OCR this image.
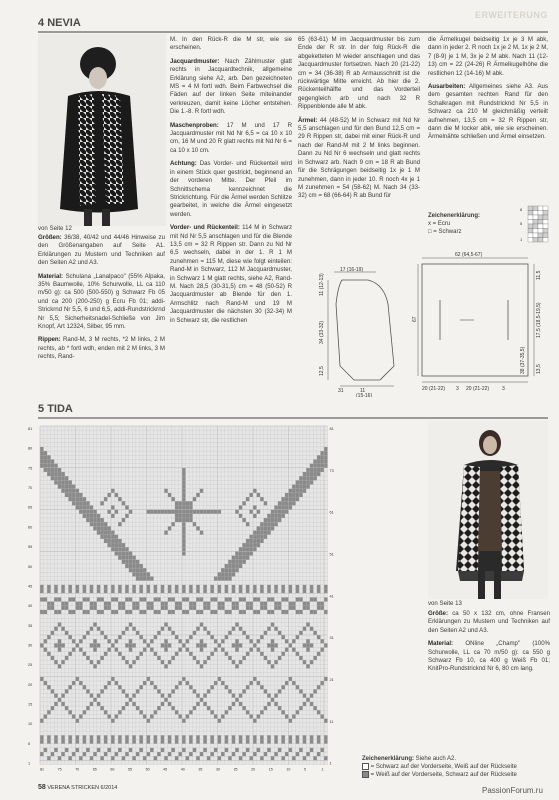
4 NEVIA
ERWEITERUNG
von Seite 12

Größen: 36/38, 40/42 und 44/46 Hinweise zu den Größenangaben auf Seite A1. Erklärungen zu Mustern und Techniken auf den Seiten A2 und A3.

Material: Schulana „Lanalpaco" (55% Alpaka, 35% Baumwolle, 10% Schurwolle, LL ca 110 m/50 g): ca 500 (500-550) g Schwarz Fb 05 und ca 200 (200-250) g Ecru Fb 01; addi-Strickrnd Nr 5,5, 6 und 6,5, addi-Rundstrickrnd Nr 5,5; Sicherheitsnadel-Schließe von Jim Knopf, Art 12324, Silber, 95 mm.

Rippen: Rand-M, 3 M rechts, *2 M links, 2 M rechts, ab * fortl wdh, enden mit 2 M links, 3 M rechts, Rand-

M. In den Rück-R die M str, wie sie erscheinen.

Jacquardmuster: Nach Zählmuster glatt rechts in Jacquardtechnik, allgemeine Erklärung siehe A2, arb. Den gezeichneten MS = 4 M fortl wdh. Beim Farbwechsel die Fäden auf der linken Seite miteinander verkreuzen, damit keine Löcher entstehen. Die 1.-8. R fortl wdh.

Maschenproben: 17 M und 17 R Jacquardmuster mit Nd Nr 6,5 = ca 10 x 10 cm, 16 M und 20 R glatt rechts mit Nd Nr 6 = ca 10 x 10 cm.

Achtung: Das Vorder- und Rückenteil wird in einem Stück quer gestrickt, beginnend an der vorderen Mitte. Der Pfeil im Schnittschema kennzeichnet die Strickrichtung. Für die Ärmel werden Schlitze gearbeitet, in welche die Ärmel eingesetzt werden.

Vorder- und Rückenteil: 114 M in Schwarz mit Nd Nr 5,5 anschlagen und für die Blende 13,5 cm = 32 R Rippen str. Dann zu Nd Nr 6,5 wechseln, dabei in der 1. R 1 M zunehmen = 115 M, diese wie folgt einteilen: Rand-M in Schwarz, 112 M Jacquardmuster, in Schwarz 1 M glatt rechts, siehe A2, Rand-M. Nach 28,5 (30-31,5) cm = 48 (50-52) R Jacquardmuster ab Blende für den 1. Armschlitz nach Rand-M und 19 M Jacquardmuster die nächsten 30 (32-34) M in Schwarz str, die restlichen

65 (63-61) M im Jacquardmuster bis zum Ende der R str. In der folg Rück-R die abgeketteten M wieder anschlagen und das Jacquardmuster fortsetzen. Nach 20 (21-22) cm = 34 (36-38) R ab Armausschnitt ist die rückwärtige Mitte erreicht. Ab hier die 2. Rückenteilhälfte und das Vorderteil gegengleich arb und nach 32 R Rippenblende alle M abk.

Ärmel: 44 (48-52) M in Schwarz mit Nd Nr 5,5 anschlagen und für den Bund 12,5 cm = 29 R Rippen str, dabei mit einer Rück-R und nach der Rand-M mit 2 M links beginnen. Dann zu Nd Nr 6 wechseln und glatt rechts in Schwarz arb. Nach 9 cm = 18 R ab Bund für die Schrägungen beidseitig 1x je 1 M zunehmen, dann in jeder 10. R noch 4x je 1 M zunehmen = 54 (58-62) M. Nach 34 (33-32) cm = 68 (66-64) R ab Bund für

die Ärmelkugel beidseitig 1x je 3 M abk, dann in jeder 2. R noch 1x je 2 M, 1x je 2 M, 7 (8-9) je 1 M, 3x je 2 M abk. Nach 11 (12-13) cm = 22 (24-26) R Ärmelkugelhöhe die restlichen 12 (14-16) M abk.

Ausarbeiten: Allgemeines siehe A3. Aus dem gesamten rechten Rand für den Schalkragen mit Rundstricknd Nr 5,5 in Schwarz ca 210 M gleichmäßig verteilt aufnehmen, 13,5 cm = 32 R Rippen str, dann die M locker abk, wie sie erscheinen. Ärmelnähte schließen und Ärmel einsetzen.

Zeichenerklärung:
x = Ecru
□ = Schwarz
8
5
1
17 (16-19)
11 (12-13)
34 (33-32)
12,5
31	11
(15-16)
62 (64,5-67)
67
11,5
17,5 (18,5-19,5)
13,5
38 (37-35,5)
20 (21-22) 3 20 (21-22)	3
5 TIDA
81
80
75
70
65
60
55
50
45
40
35
30
25
20
15
10
5
1
81
73
61
51
41
31
21
11
1
81	75	70	65	60	55	50	45	40	35	30	25	20	15	10	5	1
von Seite 13

Größe: ca 50 x 132 cm, ohne Fransen Erklärungen zu Mustern und Techniken auf den Seiten A2 und A3.

Material: ONline „Champ" (100% Schurwolle, LL ca 70 m/50 g): ca 550 g Schwarz Fb 10, ca 400 g Weiß Fb 01; KnitPro-Rundstricknd Nr 6, 80 cm lang.

Zeichenerklärung: Siehe auch A2.
= Schwarz auf der Vorderseite, Weiß auf der Rückseite
= Weiß auf der Vorderseite, Schwarz auf der Rückseite
58 VERENA STRICKEN 6/2014	PassionForum.ru
